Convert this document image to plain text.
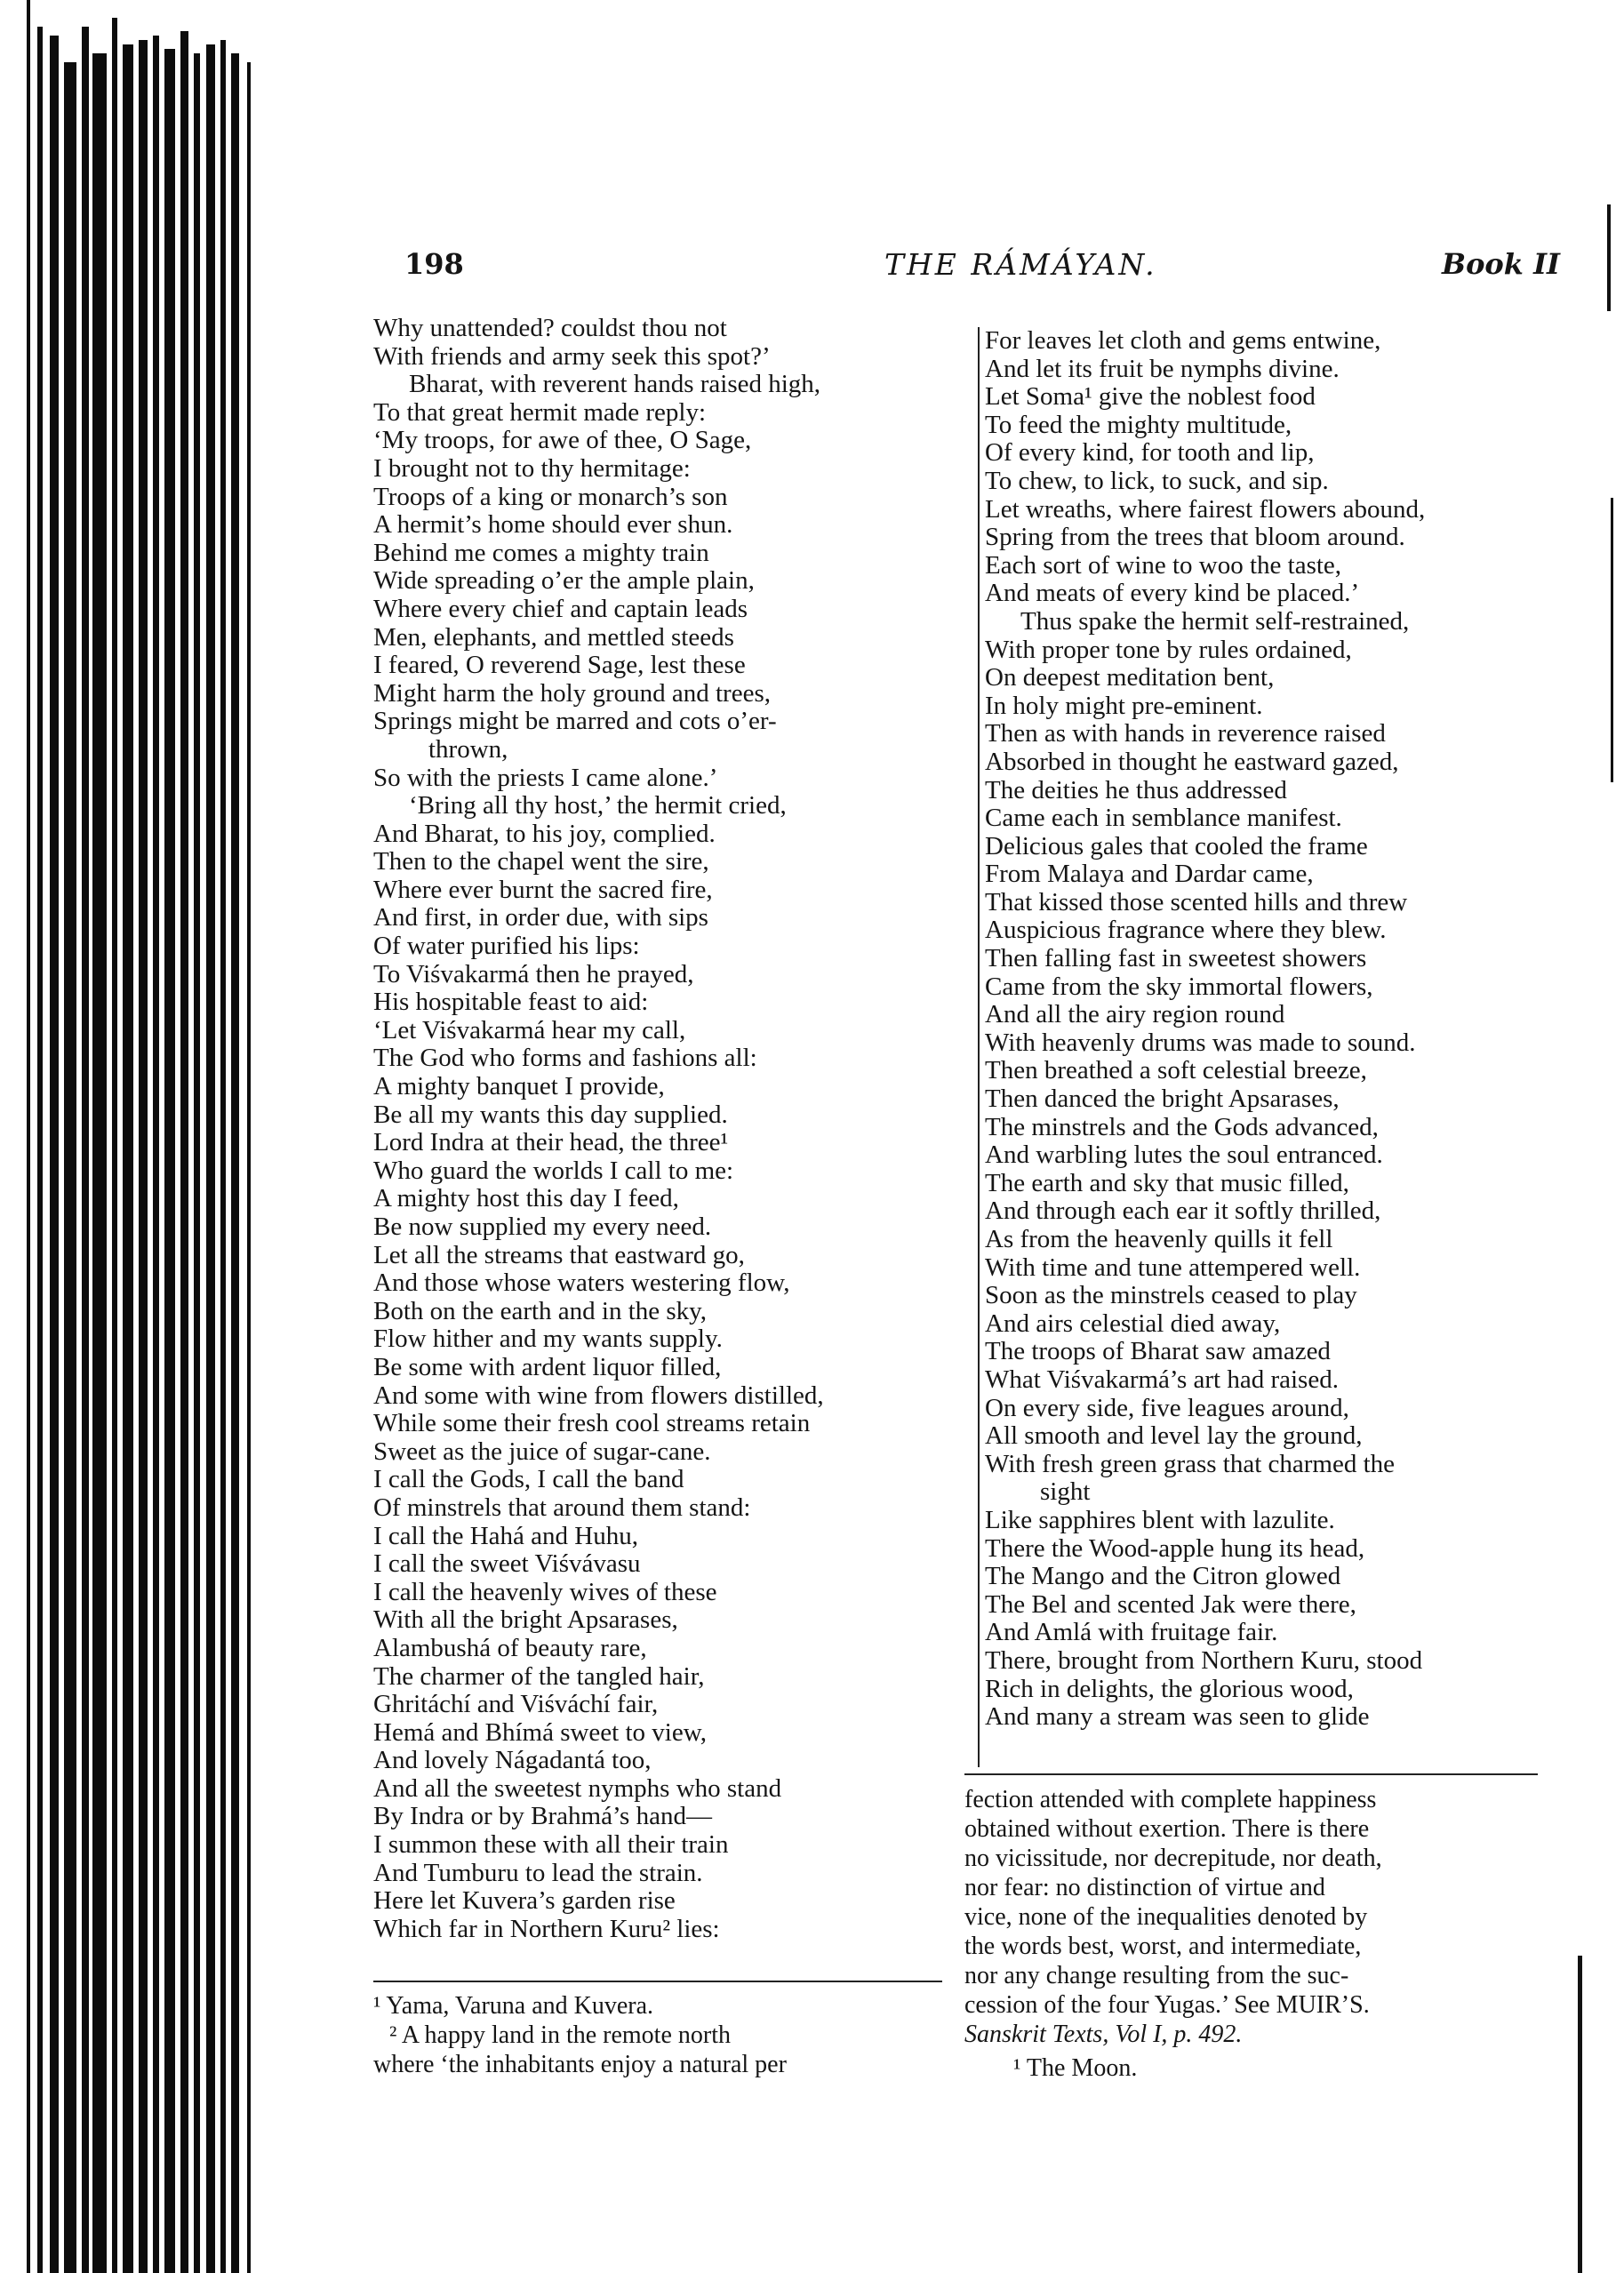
198	THE RÁMÁYAN.	Book II
Why unattended? couldst thou not
With friends and army seek this spot?’
Bharat, with reverent hands raised high,
To that great hermit made reply:
‘My troops, for awe of thee, O Sage,
I brought not to thy hermitage:
Troops of a king or monarch’s son
A hermit’s home should ever shun.
Behind me comes a mighty train
Wide spreading o’er the ample plain,
Where every chief and captain leads
Men, elephants, and mettled steeds
I feared, O reverend Sage, lest these
Might harm the holy ground and trees,
Springs might be marred and cots o’er-
thrown,
So with the priests I came alone.’
‘Bring all thy host,’ the hermit cried,
And Bharat, to his joy, complied.
Then to the chapel went the sire,
Where ever burnt the sacred fire,
And first, in order due, with sips
Of water purified his lips:
To Viśvakarmá then he prayed,
His hospitable feast to aid:
‘Let Viśvakarmá hear my call,
The God who forms and fashions all:
A mighty banquet I provide,
Be all my wants this day supplied.
Lord Indra at their head, the three¹
Who guard the worlds I call to me:
A mighty host this day I feed,
Be now supplied my every need.
Let all the streams that eastward go,
And those whose waters westering flow,
Both on the earth and in the sky,
Flow hither and my wants supply.
Be some with ardent liquor filled,
And some with wine from flowers distilled,
While some their fresh cool streams retain
Sweet as the juice of sugar-cane.
I call the Gods, I call the band
Of minstrels that around them stand:
I call the Hahá and Huhu,
I call the sweet Viśvávasu
I call the heavenly wives of these
With all the bright Apsarases,
Alambushá of beauty rare,
The charmer of the tangled hair,
Ghritáchí and Viśváchí fair,
Hemá and Bhímá sweet to view,
And lovely Nágadantá too,
And all the sweetest nymphs who stand
By Indra or by Brahmá’s hand—
I summon these with all their train
And Tumburu to lead the strain.
Here let Kuvera’s garden rise
Which far in Northern Kuru² lies:
For leaves let cloth and gems entwine,
And let its fruit be nymphs divine.
Let Soma¹ give the noblest food
To feed the mighty multitude,
Of every kind, for tooth and lip,
To chew, to lick, to suck, and sip.
Let wreaths, where fairest flowers abound,
Spring from the trees that bloom around.
Each sort of wine to woo the taste,
And meats of every kind be placed.’
Thus spake the hermit self-restrained,
With proper tone by rules ordained,
On deepest meditation bent,
In holy might pre-eminent.
Then as with hands in reverence raised
Absorbed in thought he eastward gazed,
The deities he thus addressed
Came each in semblance manifest.
Delicious gales that cooled the frame
From Malaya and Dardar came,
That kissed those scented hills and threw
Auspicious fragrance where they blew.
Then falling fast in sweetest showers
Came from the sky immortal flowers,
And all the airy region round
With heavenly drums was made to sound.
Then breathed a soft celestial breeze,
Then danced the bright Apsarases,
The minstrels and the Gods advanced,
And warbling lutes the soul entranced.
The earth and sky that music filled,
And through each ear it softly thrilled,
As from the heavenly quills it fell
With time and tune attempered well.
Soon as the minstrels ceased to play
And airs celestial died away,
The troops of Bharat saw amazed
What Viśvakarmá’s art had raised.
On every side, five leagues around,
All smooth and level lay the ground,
With fresh green grass that charmed the
sight
Like sapphires blent with lazulite.
There the Wood-apple hung its head,
The Mango and the Citron glowed
The Bel and scented Jak were there,
And Amlá with fruitage fair.
There, brought from Northern Kuru, stood
Rich in delights, the glorious wood,
And many a stream was seen to glide
¹ Yama, Varuna and Kuvera.
² A happy land in the remote north
where ‘the inhabitants enjoy a natural per
fection attended with complete happiness
obtained without exertion. There is there
no vicissitude, nor decrepitude, nor death,
nor fear: no distinction of virtue and
vice, none of the inequalities denoted by
the words best, worst, and intermediate,
nor any change resulting from the suc-
cession of the four Yugas.’ See MUIR’S.
Sanskrit Texts, Vol I, p. 492.
¹ The Moon.
